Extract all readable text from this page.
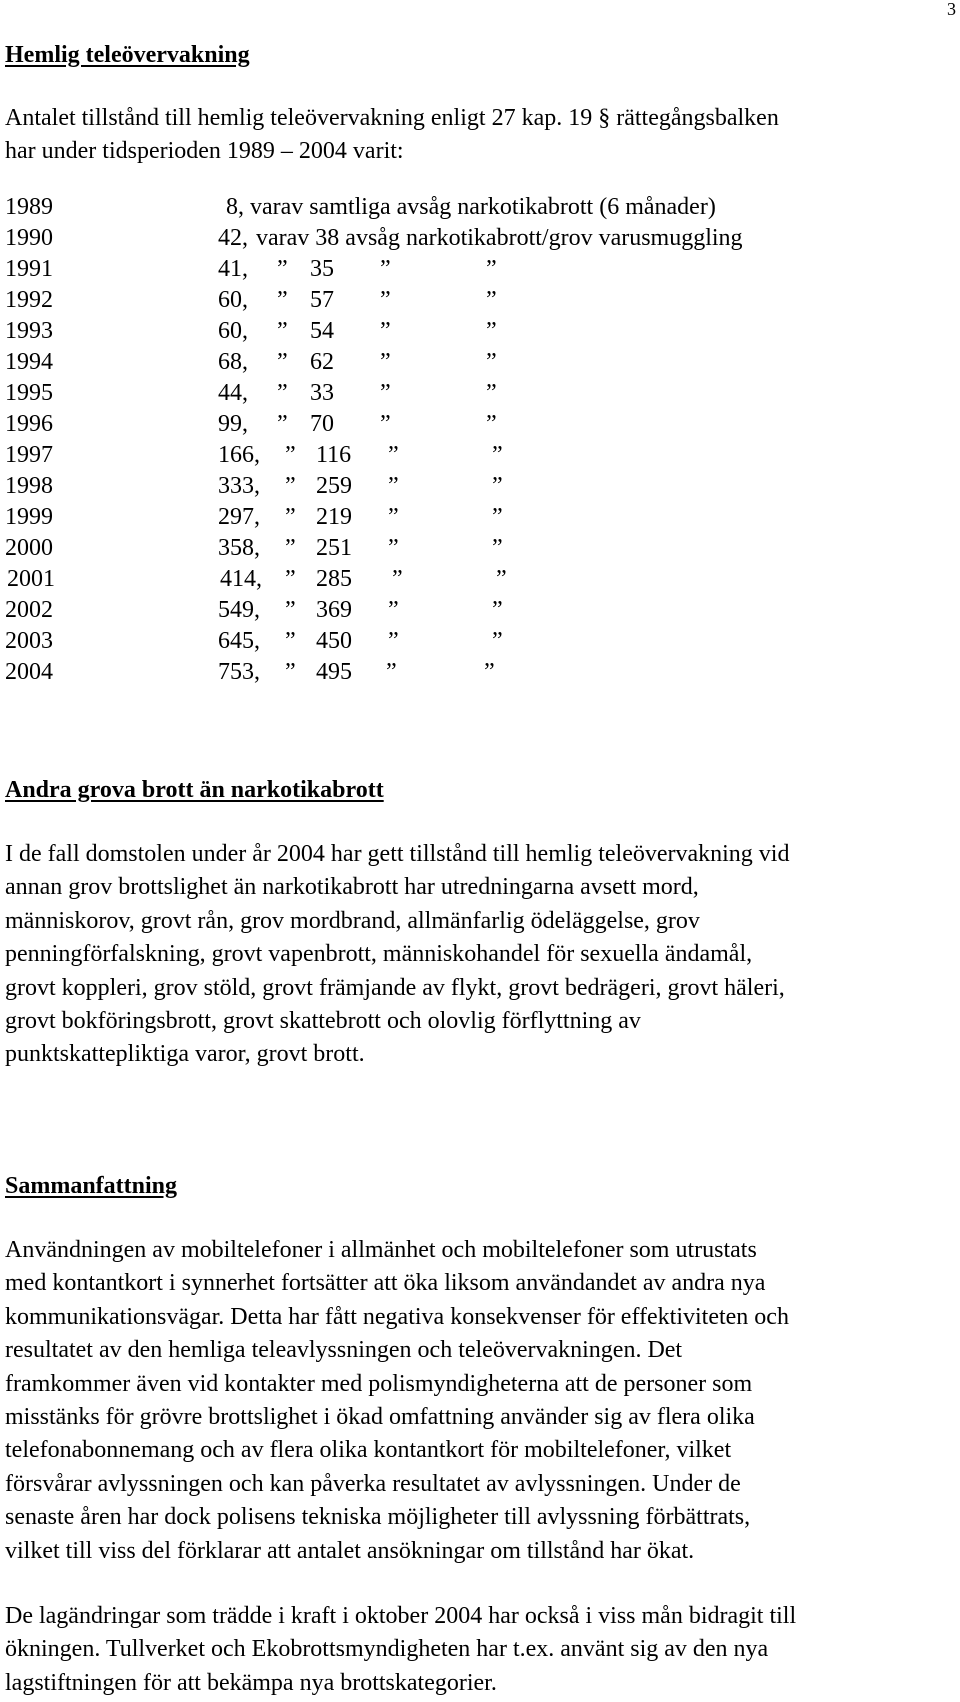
3
Hemlig teleövervakning

Antalet tillstånd till hemlig teleövervakning enligt 27 kap. 19 § rättegångsbalken
har under tidsperioden 1989 – 2004 varit:

1989	8, varav samtliga avsåg narkotikabrott (6 månader)
1990	42, varav 38 avsåg narkotikabrott/grov varusmuggling
1991	41, ” 35 ”	”
1992	60, ” 57 ”	”
1993	60, ” 54 ”	”
1994	68, ” 62 ”	”
1995	44, ” 33 ”	”
1996	99, ” 70 ”	”
1997	166, ” 116 ”	”
1998	333, ” 259 ”	”
1999	297, ” 219 ”	”
2000	358, ” 251 ”	”
2001	414, ” 285 ”	”
2002	549, ” 369 ”	”
2003	645, ” 450 ”	”
2004	753, ” 495 ”	”
Andra grova brott än narkotikabrott

I de fall domstolen under år 2004 har gett tillstånd till hemlig teleövervakning vid
annan grov brottslighet än narkotikabrott har utredningarna avsett mord,
människorov, grovt rån, grov mordbrand, allmänfarlig ödeläggelse, grov
penningförfalskning, grovt vapenbrott, människohandel för sexuella ändamål,
grovt koppleri, grov stöld, grovt främjande av flykt, grovt bedrägeri, grovt häleri,
grovt bokföringsbrott, grovt skattebrott och olovlig förflyttning av
punktskattepliktiga varor, grovt brott.

Sammanfattning

Användningen av mobiltelefoner i allmänhet och mobiltelefoner som utrustats
med kontantkort i synnerhet fortsätter att öka liksom användandet av andra nya
kommunikationsvägar. Detta har fått negativa konsekvenser för effektiviteten och
resultatet av den hemliga teleavlyssningen och teleövervakningen. Det
framkommer även vid kontakter med polismyndigheterna att de personer som
misstänks för grövre brottslighet i ökad omfattning använder sig av flera olika
telefonabonnemang och av flera olika kontantkort för mobiltelefoner, vilket
försvårar avlyssningen och kan påverka resultatet av avlyssningen. Under de
senaste åren har dock polisens tekniska möjligheter till avlyssning förbättrats,
vilket till viss del förklarar att antalet ansökningar om tillstånd har ökat.

De lagändringar som trädde i kraft i oktober 2004 har också i viss mån bidragit till
ökningen. Tullverket och Ekobrottsmyndigheten har t.ex. använt sig av den nya
lagstiftningen för att bekämpa nya brottskategorier.
